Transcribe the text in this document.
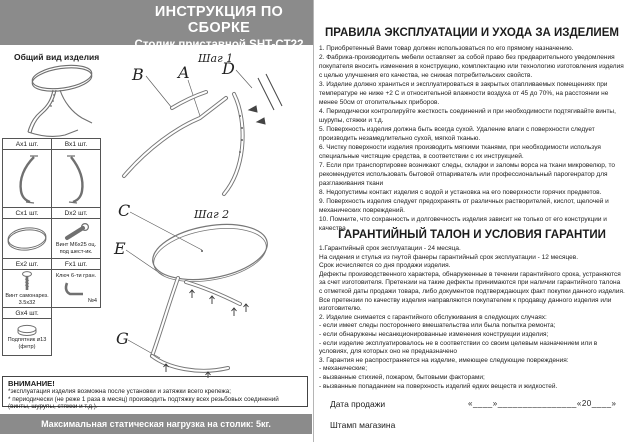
ИНСТРУКЦИЯ ПО СБОРКЕ
Столик приставной SHT-CT22
Общий вид изделия
Ах1 шт.	Вх1 шт.
Сх1 шт.	Dх2 шт.
Винт М6х25 оц. под шест-ик.
Ех2 шт.	Fх1 шт.
Винт самонарез. 3.5х32
Ключ 6-ти гран.
№4
Gх4 шт.
Подпятник ø13 (фетр)
Шаг 1
B A D
Шаг 2
C
E
G
ВНИМАНИЕ!
*эксплуатация изделия возможна после установки и затяжки всего крепежа;
* периодически (не реже 1 раза в месяц) производить подтяжку всех резьбовых соединений (винты, шурупы, стяжки и т.д.).
Максимальная статическая нагрузка на столик: 5кг.
ПРАВИЛА ЭКСПЛУАТАЦИИ И УХОДА ЗА ИЗДЕЛИЕМ
1. Приобретенный Вами товар должен использоваться по его прямому назначению.
2. Фабрика-производитель мебели оставляет за собой право без предварительного уведомления покупателя вносить изменения в конструкцию, комплектацию или технологию изготовления изделия с целью улучшения его качества, не снижая потребительских свойств.
3. Изделие должно храниться и эксплуатироваться в закрытых отапливаемых помещениях при температуре не ниже +2 С и относительной влажности воздуха от 45 до 70%, на расстоянии не менее 50см от отопительных приборов.
4. Периодически контролируйте жесткость соединений и при необходимости подтягивайте винты, шурупы, стяжки и т.д.
5. Поверхность изделия должна быть всегда сухой. Удаление влаги с поверхности следует производить незамедлительно сухой, мягкой тканью.
6. Чистку поверхности изделия производить мягкими тканями, при необходимости используя специальные чистящие средства, в соответствии с их инструкцией.
7. Если при транспортировке возникают следы, складки и заломы ворса на ткани микровелюр, то рекомендуется использовать бытовой отпариватель или профессиональный парогенратор для разглаживания ткани
8. Недопустимы контакт изделия с водой и установка на его поверхности горячих предметов.
9. Поверхность изделия следует предохранять от различных растворителей, кислот, щелочей и механических повреждений.
10. Помните, что сохранность и долговечность изделия зависит не только от его конструкции и качества
ГАРАНТИЙНЫЙ ТАЛОН И УСЛОВИЯ ГАРАНТИИ
1.Гарантийный срок эксплуатации - 24 месяца.
На сидения и стулья из гнутой фанеры гарантийный срок эксплуатации - 12 месяцев.
Срок исчисляется со дня продажи изделия.
Дефекты производственного характера, обнаруженные в течении гарантийного срока, устраняются за счет изготовителя. Претензии на такие дефекты принимаются при наличии гарантийного талона с отметкой даты продажи товара, либо документов подтверждающих факт покупки данного изделия. Все претензии по качеству изделия направляются покупателем к продавцу данного изделия или изготовителю.
2. Изделие снимается с гарантийного обслуживания в следующих случаях:
- если имеет следы постороннего вмешательства или была попытка ремонта;
- если обнаружены несанкционированные изменения конструкции изделия;
- если изделие эксплуатировалось не в соответствии со своим целевым назначением или в условиях, для которых оно не предназначено
3. Гарантия не распространяется на изделие, имеющее следующие повреждения:
- механические;
- вызванные стихией, пожаром, бытовыми факторами;
- вызванные попаданием на поверхность изделий едких веществ и жидкостей.
Дата продажи	«____»________________«20____»
Штамп магазина
